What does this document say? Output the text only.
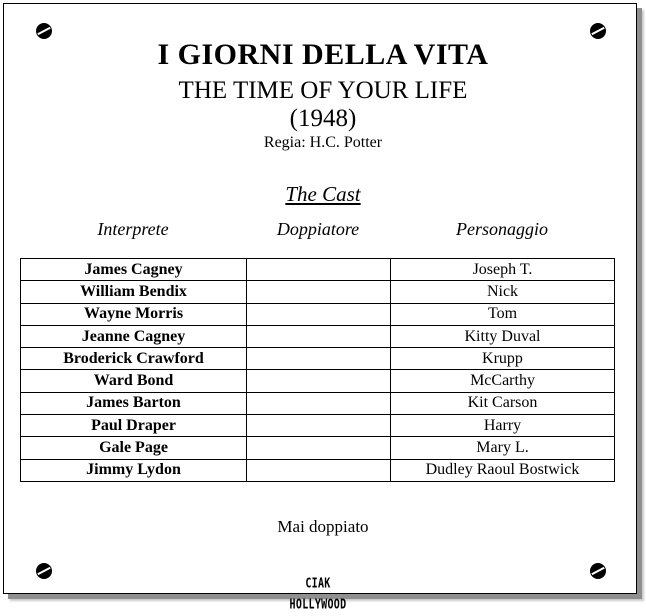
I GIORNI DELLA VITA
THE TIME OF YOUR LIFE
(1948)
Regia: H.C. Potter
The Cast
Interprete	Doppiatore	Personaggio
James Cagney		Joseph T.
William Bendix		Nick
Wayne Morris		Tom
Jeanne Cagney		Kitty Duval
Broderick Crawford		Krupp
Ward Bond		McCarthy
James Barton		Kit Carson
Paul Draper		Harry
Gale Page		Mary L.
Jimmy Lydon		Dudley Raoul Bostwick
Mai doppiato
CIAK HOLLYWOOD
